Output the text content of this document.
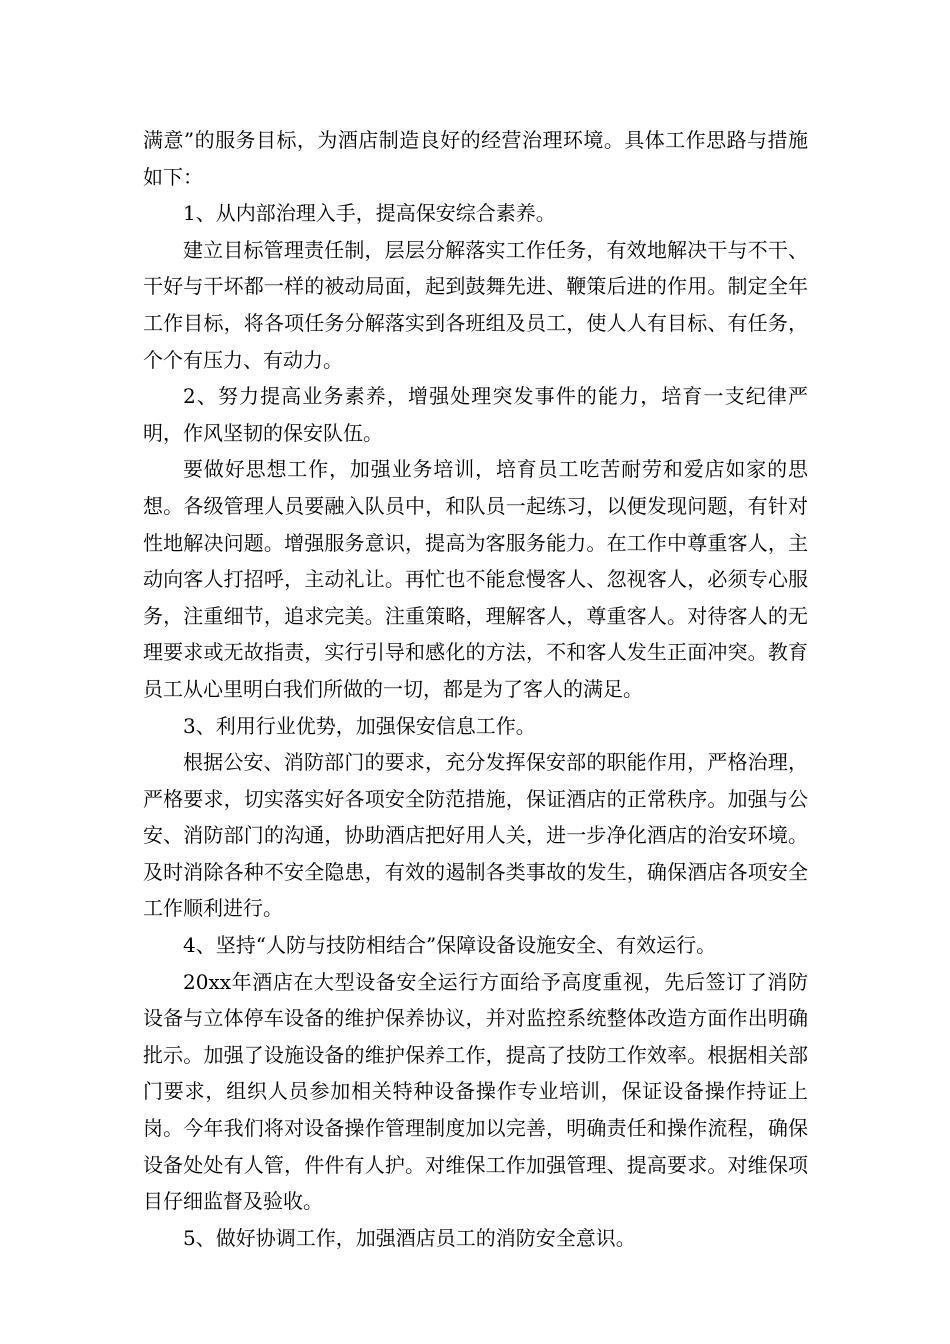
满意”的服务目标，为酒店制造良好的经营治理环境。具体工作思路与措施如下：

1、从内部治理入手，提高保安综合素养。

建立目标管理责任制，层层分解落实工作任务，有效地解决干与不干、干好与干坏都一样的被动局面，起到鼓舞先进、鞭策后进的作用。制定全年工作目标，将各项任务分解落实到各班组及员工，使人人有目标、有任务，个个有压力、有动力。

2、努力提高业务素养，增强处理突发事件的能力，培育一支纪律严明，作风坚韧的保安队伍。

要做好思想工作，加强业务培训，培育员工吃苦耐劳和爱店如家的思想。各级管理人员要融入队员中，和队员一起练习，以便发现问题，有针对性地解决问题。增强服务意识，提高为客服务能力。在工作中尊重客人，主动向客人打招呼，主动礼让。再忙也不能怠慢客人、忽视客人，必须专心服务，注重细节，追求完美。注重策略，理解客人，尊重客人。对待客人的无理要求或无故指责，实行引导和感化的方法，不和客人发生正面冲突。教育员工从心里明白我们所做的一切，都是为了客人的满足。

3、利用行业优势，加强保安信息工作。

根据公安、消防部门的要求，充分发挥保安部的职能作用，严格治理，严格要求，切实落实好各项安全防范措施，保证酒店的正常秩序。加强与公安、消防部门的沟通，协助酒店把好用人关，进一步净化酒店的治安环境。及时消除各种不安全隐患，有效的遏制各类事故的发生，确保酒店各项安全工作顺利进行。

4、坚持“人防与技防相结合”保障设备设施安全、有效运行。

20xx年酒店在大型设备安全运行方面给予高度重视，先后签订了消防设备与立体停车设备的维护保养协议，并对监控系统整体改造方面作出明确批示。加强了设施设备的维护保养工作，提高了技防工作效率。根据相关部门要求，组织人员参加相关特种设备操作专业培训，保证设备操作持证上岗。今年我们将对设备操作管理制度加以完善，明确责任和操作流程，确保设备处处有人管，件件有人护。对维保工作加强管理、提高要求。对维保项目仔细监督及验收。

5、做好协调工作，加强酒店员工的消防安全意识。
